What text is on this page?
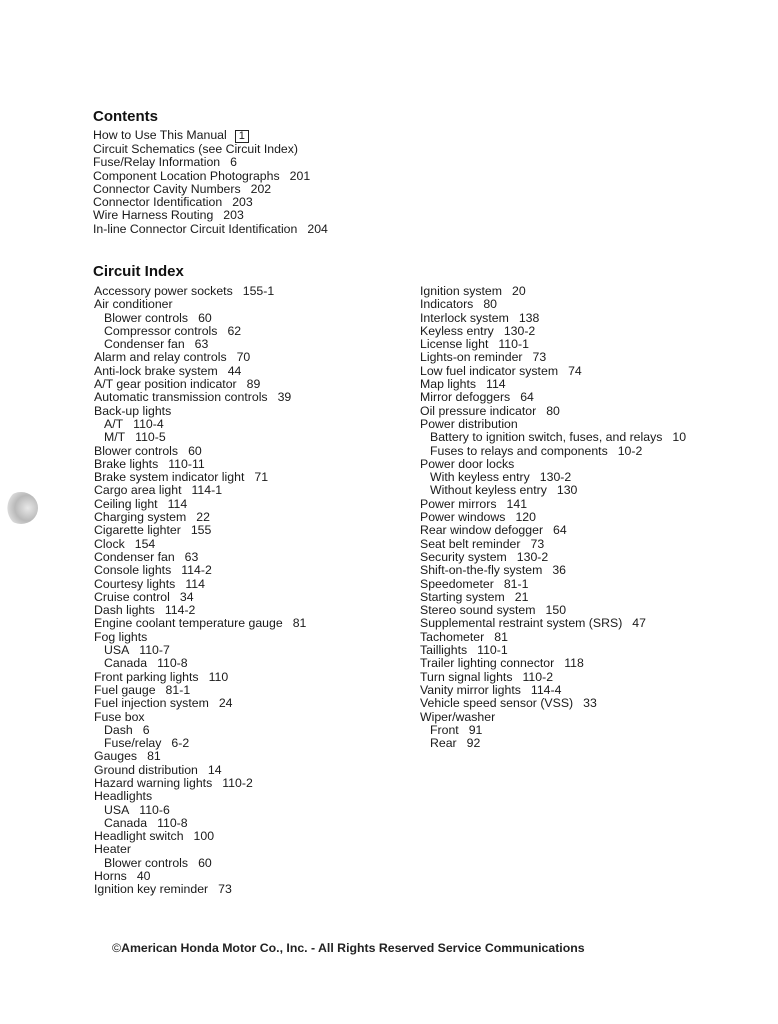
Contents
How to Use This Manual 1
Circuit Schematics (see Circuit Index)
Fuse/Relay Information 6
Component Location Photographs 201
Connector Cavity Numbers 202
Connector Identification 203
Wire Harness Routing 203
In-line Connector Circuit Identification 204
Circuit Index
Accessory power sockets 155-1
Air conditioner
Blower controls 60
Compressor controls 62
Condenser fan 63
Alarm and relay controls 70
Anti-lock brake system 44
A/T gear position indicator 89
Automatic transmission controls 39
Back-up lights
A/T 110-4
M/T 110-5
Blower controls 60
Brake lights 110-11
Brake system indicator light 71
Cargo area light 114-1
Ceiling light 114
Charging system 22
Cigarette lighter 155
Clock 154
Condenser fan 63
Console lights 114-2
Courtesy lights 114
Cruise control 34
Dash lights 114-2
Engine coolant temperature gauge 81
Fog lights
USA 110-7
Canada 110-8
Front parking lights 110
Fuel gauge 81-1
Fuel injection system 24
Fuse box
Dash 6
Fuse/relay 6-2
Gauges 81
Ground distribution 14
Hazard warning lights 110-2
Headlights
USA 110-6
Canada 110-8
Headlight switch 100
Heater
Blower controls 60
Horns 40
Ignition key reminder 73
Ignition system 20
Indicators 80
Interlock system 138
Keyless entry 130-2
License light 110-1
Lights-on reminder 73
Low fuel indicator system 74
Map lights 114
Mirror defoggers 64
Oil pressure indicator 80
Power distribution
Battery to ignition switch, fuses, and relays 10
Fuses to relays and components 10-2
Power door locks
With keyless entry 130-2
Without keyless entry 130
Power mirrors 141
Power windows 120
Rear window defogger 64
Seat belt reminder 73
Security system 130-2
Shift-on-the-fly system 36
Speedometer 81-1
Starting system 21
Stereo sound system 150
Supplemental restraint system (SRS) 47
Tachometer 81
Taillights 110-1
Trailer lighting connector 118
Turn signal lights 110-2
Vanity mirror lights 114-4
Vehicle speed sensor (VSS) 33
Wiper/washer
Front 91
Rear 92
©American Honda Motor Co., Inc. - All Rights Reserved Service Communications
